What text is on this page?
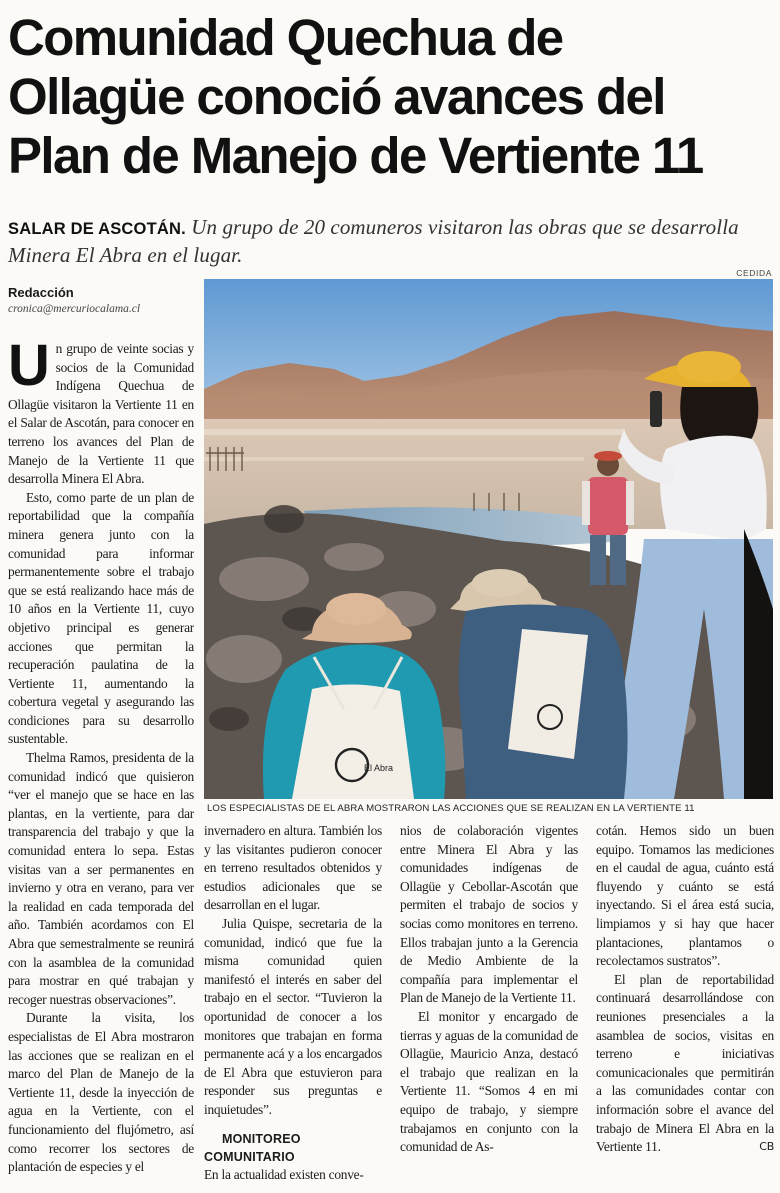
Comunidad Quechua de
Ollagüe conoció avances del
Plan de Manejo de Vertiente 11
SALAR DE ASCOTÁN. Un grupo de 20 comuneros visitaron las obras que se desarrolla Minera El Abra en el lugar.
CEDIDA
Redacción
cronica@mercuriocalama.cl
El Abra
LOS ESPECIALISTAS DE EL ABRA MOSTRARON LAS ACCIONES QUE SE REALIZAN EN LA VERTIENTE 11

Un grupo de veinte socias y socios de la Comunidad Indígena Quechua de Ollagüe visitaron la Vertiente 11 en el Salar de Ascotán, para conocer en terreno los avances del Plan de Manejo de la Vertiente 11 que desarrolla Minera El Abra.

Esto, como parte de un plan de reportabilidad que la compañía minera genera junto con la comunidad para informar permanentemente sobre el trabajo que se está realizando hace más de 10 años en la Vertiente 11, cuyo objetivo principal es generar acciones que permitan la recuperación paulatina de la Vertiente 11, aumentando la cobertura vegetal y asegurando las condiciones para su desarrollo sustentable.

Thelma Ramos, presidenta de la comunidad indicó que quisieron “ver el manejo que se hace en las plantas, en la vertiente, para dar transparencia del trabajo y que la comunidad entera lo sepa. Estas visitas van a ser permanentes en invierno y otra en verano, para ver la realidad en cada temporada del año. También acordamos con El Abra que semestralmente se reunirá con la asamblea de la comunidad para mostrar en qué trabajan y recoger nuestras observaciones”.

Durante la visita, los especialistas de El Abra mostraron las acciones que se realizan en el marco del Plan de Manejo de la Vertiente 11, desde la inyección de agua en la Vertiente, con el funcionamiento del flujómetro, así como recorrer los sectores de plantación de especies y el

invernadero en altura. También los y las visitantes pudieron conocer en terreno resultados obtenidos y estudios adicionales que se desarrollan en el lugar.

Julia Quispe, secretaria de la comunidad, indicó que fue la misma comunidad quien manifestó el interés en saber del trabajo en el sector. “Tuvieron la oportunidad de conocer a los monitores que trabajan en forma permanente acá y a los encargados de El Abra que estuvieron para responder sus preguntas e inquietudes”.

MONITOREO COMUNITARIO

En la actualidad existen conve-

nios de colaboración vigentes entre Minera El Abra y las comunidades indígenas de Ollagüe y Cebollar-Ascotán que permiten el trabajo de socios y socias como monitores en terreno. Ellos trabajan junto a la Gerencia de Medio Ambiente de la compañía para implementar el Plan de Manejo de la Vertiente 11.

El monitor y encargado de tierras y aguas de la comunidad de Ollagüe, Mauricio Anza, destacó el trabajo que realizan en la Vertiente 11. “Somos 4 en mi equipo de trabajo, y siempre trabajamos en conjunto con la comunidad de As-

cotán. Hemos sido un buen equipo. Tomamos las mediciones en el caudal de agua, cuánto está fluyendo y cuánto se está inyectando. Si el área está sucia, limpiamos y si hay que hacer plantaciones, plantamos o recolectamos sustratos”.

El plan de reportabilidad continuará desarrollándose con reuniones presenciales a la asamblea de socios, visitas en terreno e iniciativas comunicacionales que permitirán a las comunidades contar con información sobre el avance del trabajo de Minera El Abra en la Vertiente 11.	CB
